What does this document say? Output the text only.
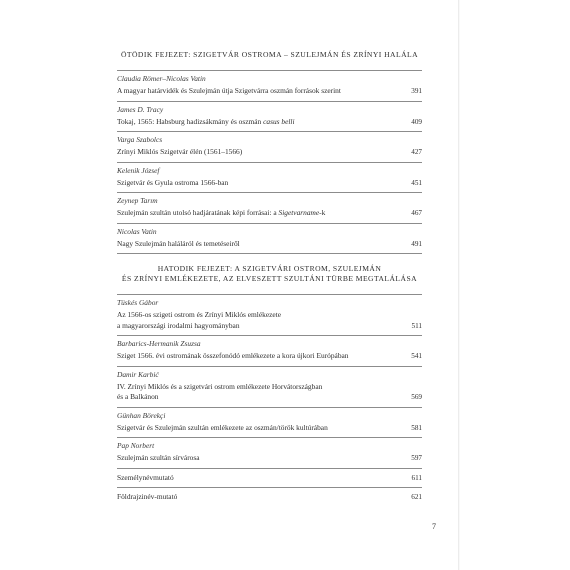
ÖTÖDIK FEJEZET: SZIGETVÁR OSTROMA – SZULEJMÁN ÉS ZRÍNYI HALÁLA
Claudia Römer–Nicolas Vatin
A magyar határvidék és Szulejmán útja Szigetvárra oszmán források szerint	391
James D. Tracy
Tokaj, 1565: Habsburg hadizsákmány és oszmán casus belli	409
Varga Szabolcs
Zrínyi Miklós Szigetvár élén (1561–1566)	427
Kelenik József
Szigetvár és Gyula ostroma 1566-ban	451
Zeynep Tarım
Szulejmán szultán utolsó hadjáratának képi forrásai: a Sigetvarname-k	467
Nicolas Vatin
Nagy Szulejmán haláláról és temetéseiről	491
HATODIK FEJEZET: A SZIGETVÁRI OSTROM, SZULEJMÁN
ÉS ZRÍNYI EMLÉKEZETE, AZ ELVESZETT SZULTÁNI TÜRBE MEGTALÁLÁSA
Tüskés Gábor
Az 1566-os szigeti ostrom és Zrínyi Miklós emlékezete
a magyarországi irodalmi hagyományban	511
Barbarics-Hermanik Zsuzsa
Sziget 1566. évi ostromának összefonódó emlékezete a kora újkori Európában	541
Damir Karbić
IV. Zrínyi Miklós és a szigetvári ostrom emlékezete Horvátországban
és a Balkánon	569
Günhan Börekçi
Szigetvár és Szulejmán szultán emlékezete az oszmán/török kultúrában	581
Pap Norbert
Szulejmán szultán sírvárosa	597
Személynévmutató	611
Földrajzinév-mutató	621
7
